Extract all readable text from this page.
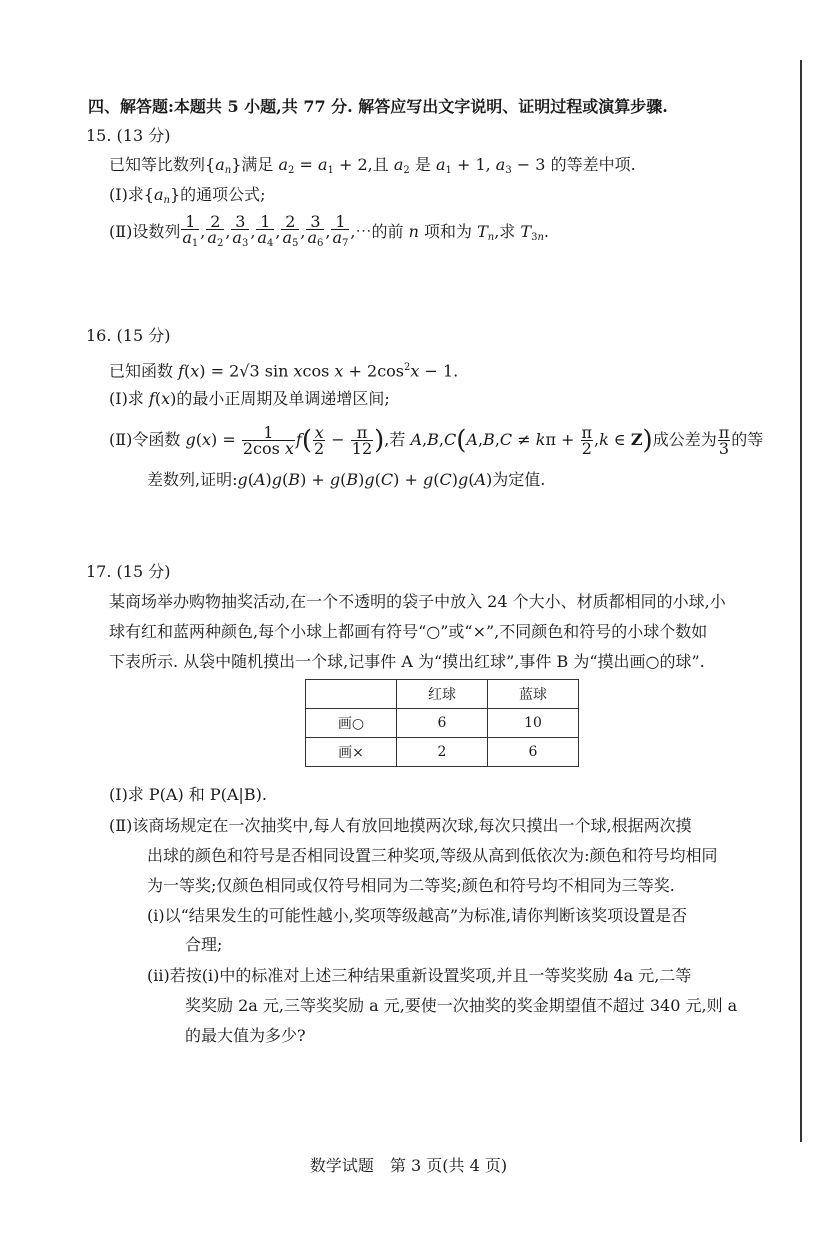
四、解答题:本题共 5 小题,共 77 分. 解答应写出文字说明、证明过程或演算步骤.
15. (13 分)
已知等比数列$\{a_n\}$满足 $a_2 = a_1 + 2$,且 $a_2$ 是 $a_1 + 1$, $a_3 - 3$ 的等差中项.
(Ⅰ)求$\{a_n\}$的通项公式;
(Ⅱ)设数列 $\frac{1}{a_1}$ , $\frac{2}{a_2}$ , $\frac{3}{a_3}$ , $\frac{1}{a_4}$ , $\frac{2}{a_5}$ , $\frac{3}{a_6}$ , $\frac{1}{a_7}$ ,⋯的前 n 项和为 $T_n$,求 $T_{3n}$.
16. (15 分)
已知函数 f(x) = 2√3 sin xcos $x + 2\cos^2x - 1$.
(Ⅰ)求 f(x)的最小正周期及单调递增区间;
(Ⅱ)令函数 $g(x) = \frac{1}{\text{2cos x}} f( \frac{x}{2} - \frac{\pi}{12}$ ),若 $A,B,C(A,B,C \ne k\pi + \frac{\pi}{2} ,k$ ∈ Z)成公差为 $\frac{\pi}{3}$ 的等
差数列,证明:g(A)g(B) + g(B)g(C) + g(C)g(A)为定值.
17. (15 分)
某商场举办购物抽奖活动,在一个不透明的袋子中放入 24 个大小、材质都相同的小球,小
球有红和蓝两种颜色,每个小球上都画有符号“○”或“×”,不同颜色和符号的小球个数如
下表所示. 从袋中随机摸出一个球,记事件 A 为“摸出红球”,事件 B 为“摸出画○的球”.
	红球	蓝球
画○	6	10
画×	2	6
(Ⅰ)求 P(A) 和 P(A|B).
(Ⅱ)该商场规定在一次抽奖中,每人有放回地摸两次球,每次只摸出一个球,根据两次摸
出球的颜色和符号是否相同设置三种奖项,等级从高到低依次为:颜色和符号均相同
为一等奖;仅颜色相同或仅符号相同为二等奖;颜色和符号均不相同为三等奖.
(ⅰ)以“结果发生的可能性越小,奖项等级越高”为标准,请你判断该奖项设置是否
合理;
(ⅱ)若按(ⅰ)中的标准对上述三种结果重新设置奖项,并且一等奖奖励 4a 元,二等
奖奖励 2a 元,三等奖奖励 a 元,要使一次抽奖的奖金期望值不超过 340 元,则 a
的最大值为多少?
数学试题　第 3 页(共 4 页)
